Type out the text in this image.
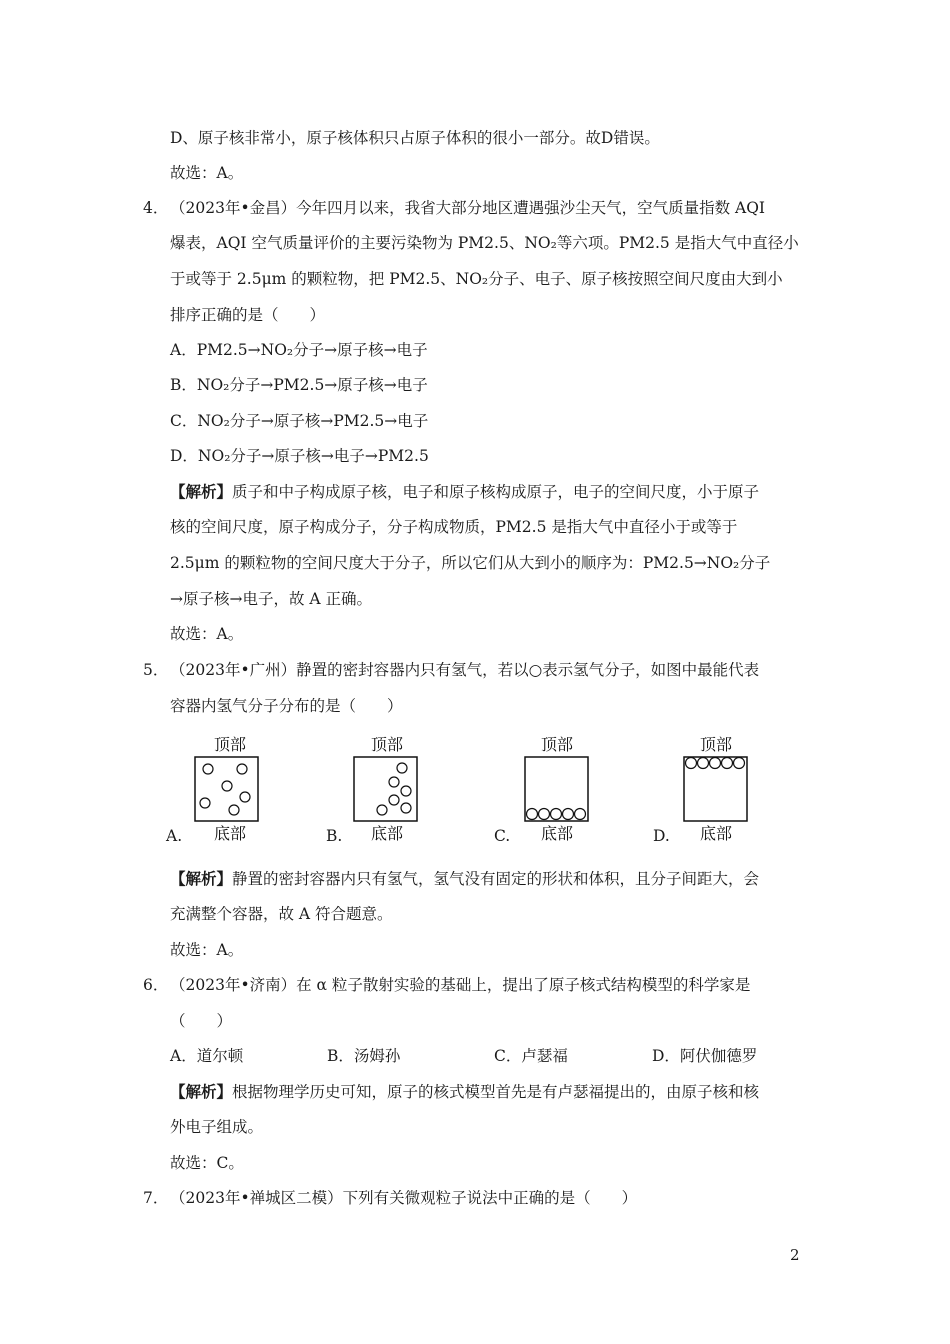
D、原子核非常小，原子核体积只占原子体积的很小一部分。故D错误。
故选：A。
4． （2023年•金昌）今年四月以来，我省大部分地区遭遇强沙尘天气，空气质量指数 AQI
爆表，AQI 空气质量评价的主要污染物为 PM2.5、NO₂等六项。PM2.5 是指大气中直径小
于或等于 2.5μm 的颗粒物，把 PM2.5、NO₂分子、电子、原子核按照空间尺度由大到小
排序正确的是（　　）
A．PM2.5→NO₂分子→原子核→电子
B．NO₂分子→PM2.5→原子核→电子
C．NO₂分子→原子核→PM2.5→电子
D．NO₂分子→原子核→电子→PM2.5
【解析】质子和中子构成原子核，电子和原子核构成原子，电子的空间尺度，小于原子
核的空间尺度，原子构成分子，分子构成物质，PM2.5 是指大气中直径小于或等于
2.5μm 的颗粒物的空间尺度大于分子，所以它们从大到小的顺序为：PM2.5→NO₂分子
→原子核→电子，故 A 正确。
故选：A。
5． （2023年•广州）静置的密封容器内只有氢气，若以○表示氢气分子，如图中最能代表
容器内氢气分子分布的是（　　）
A.
顶部
底部	B.
顶部
底部	C.
顶部
底部	D.
顶部
底部
【解析】静置的密封容器内只有氢气，氢气没有固定的形状和体积，且分子间距大，会
充满整个容器，故 A 符合题意。
故选：A。
6． （2023年•济南）在 α 粒子散射实验的基础上，提出了原子核式结构模型的科学家是
（　　）
A．道尔顿	B．汤姆孙	C．卢瑟福	D．阿伏伽德罗
【解析】根据物理学历史可知，原子的核式模型首先是有卢瑟福提出的，由原子核和核
外电子组成。
故选：C。
7． （2023年•禅城区二模）下列有关微观粒子说法中正确的是（　　）
2
